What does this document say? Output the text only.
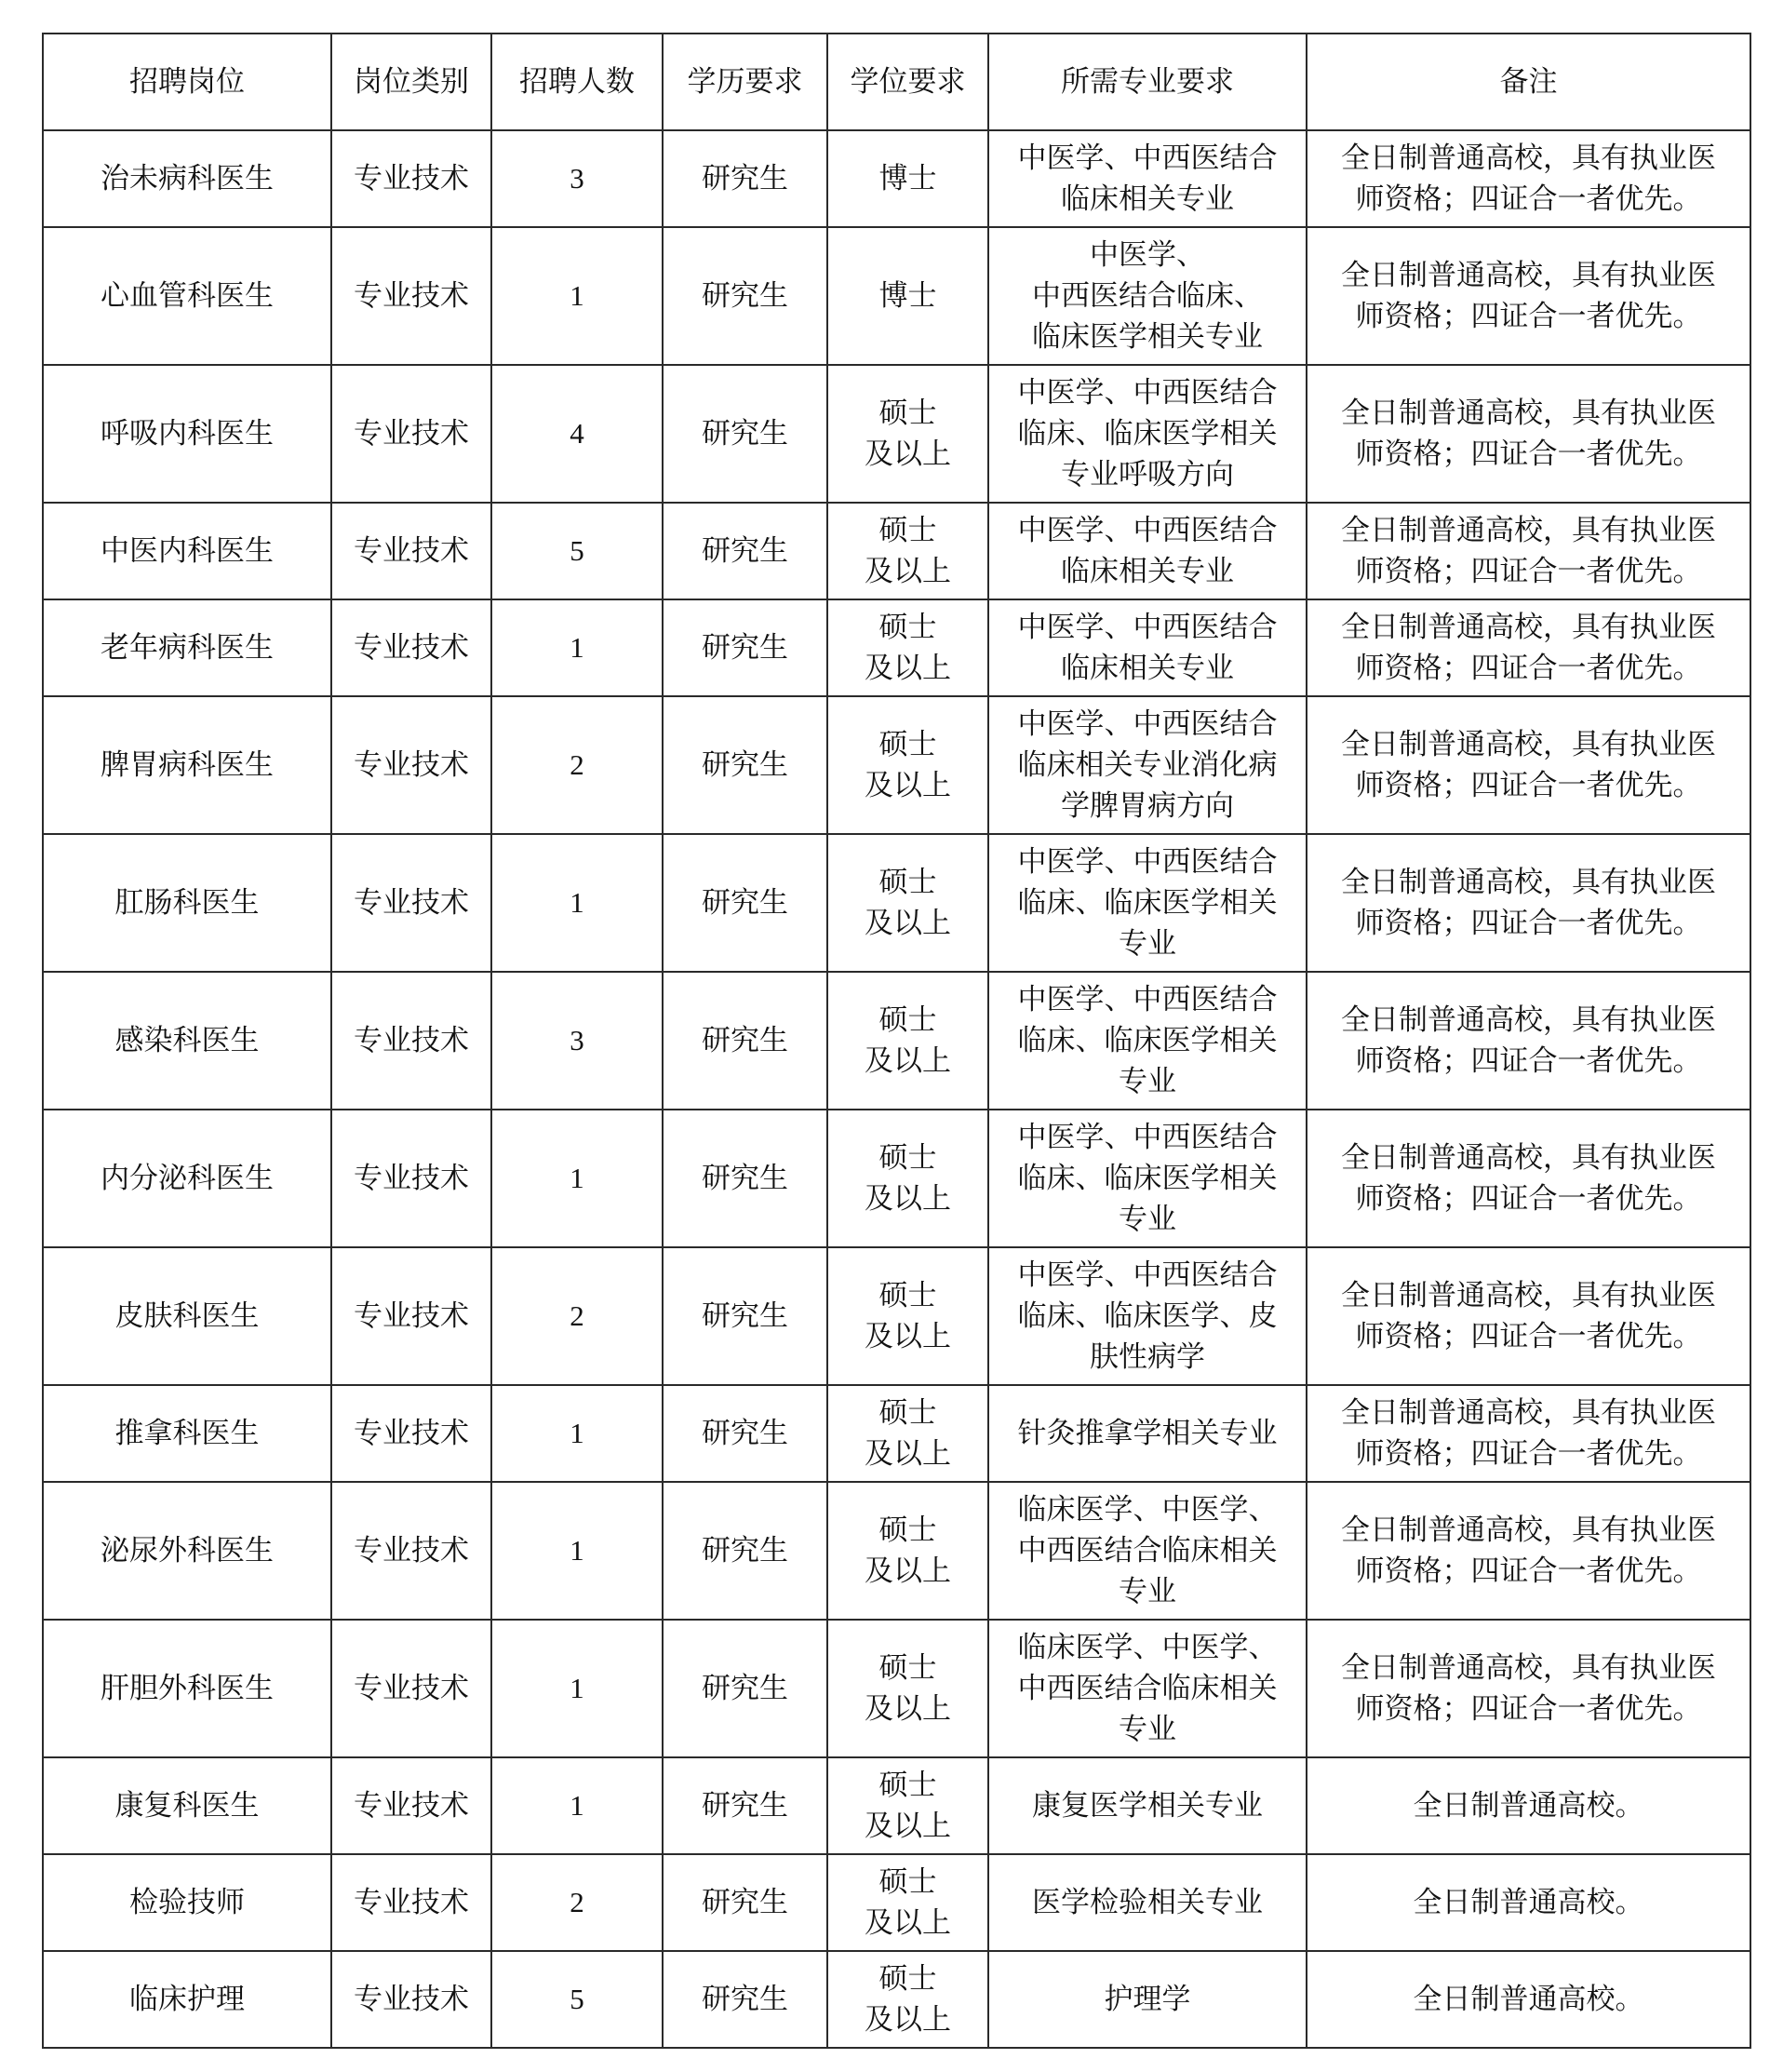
招聘岗位	岗位类别	招聘人数	学历要求	学位要求	所需专业要求	备注
治未病科医生	专业技术	3	研究生	博士	中医学、中西医结合
临床相关专业	全日制普通高校，具有执业医
师资格；四证合一者优先。

心血管科医生	专业技术	1	研究生	博士	中医学、
中西医结合临床、
临床医学相关专业	全日制普通高校，具有执业医
师资格；四证合一者优先。

呼吸内科医生	专业技术	4	研究生	硕士
及以上	中医学、中西医结合
临床、临床医学相关
专业呼吸方向	全日制普通高校，具有执业医
师资格；四证合一者优先。

中医内科医生	专业技术	5	研究生	硕士
及以上	中医学、中西医结合
临床相关专业	全日制普通高校，具有执业医
师资格；四证合一者优先。

老年病科医生	专业技术	1	研究生	硕士
及以上	中医学、中西医结合
临床相关专业	全日制普通高校，具有执业医
师资格；四证合一者优先。

脾胃病科医生	专业技术	2	研究生	硕士
及以上	中医学、中西医结合
临床相关专业消化病
学脾胃病方向	全日制普通高校，具有执业医
师资格；四证合一者优先。

肛肠科医生	专业技术	1	研究生	硕士
及以上	中医学、中西医结合
临床、临床医学相关
专业	全日制普通高校，具有执业医
师资格；四证合一者优先。

感染科医生	专业技术	3	研究生	硕士
及以上	中医学、中西医结合
临床、临床医学相关
专业	全日制普通高校，具有执业医
师资格；四证合一者优先。

内分泌科医生	专业技术	1	研究生	硕士
及以上	中医学、中西医结合
临床、临床医学相关
专业	全日制普通高校，具有执业医
师资格；四证合一者优先。

皮肤科医生	专业技术	2	研究生	硕士
及以上	中医学、中西医结合
临床、临床医学、皮
肤性病学	全日制普通高校，具有执业医
师资格；四证合一者优先。

推拿科医生	专业技术	1	研究生	硕士
及以上	针灸推拿学相关专业	全日制普通高校，具有执业医
师资格；四证合一者优先。

泌尿外科医生	专业技术	1	研究生	硕士
及以上	临床医学、中医学、
中西医结合临床相关
专业	全日制普通高校，具有执业医
师资格；四证合一者优先。

肝胆外科医生	专业技术	1	研究生	硕士
及以上	临床医学、中医学、
中西医结合临床相关
专业	全日制普通高校，具有执业医
师资格；四证合一者优先。

康复科医生	专业技术	1	研究生	硕士
及以上	康复医学相关专业	全日制普通高校。

检验技师	专业技术	2	研究生	硕士
及以上	医学检验相关专业	全日制普通高校。

临床护理	专业技术	5	研究生	硕士
及以上	护理学	全日制普通高校。
